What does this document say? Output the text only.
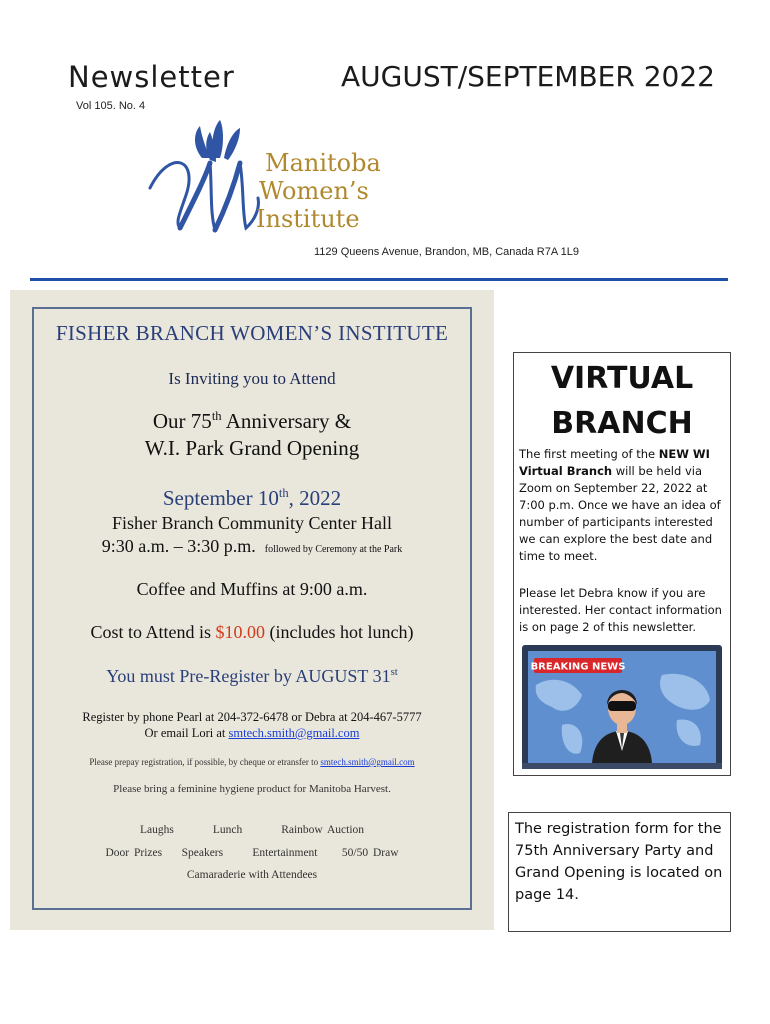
Newsletter	AUGUST/SEPTEMBER 2022
Vol 105. No. 4
Manitoba
Women’s
Institute
1129 Queens Avenue, Brandon, MB, Canada R7A 1L9
FISHER BRANCH WOMEN’S INSTITUTE
Is Inviting you to Attend
Our 75th Anniversary &
W.I. Park Grand Opening
September 10th, 2022
Fisher Branch Community Center Hall
9:30 a.m. – 3:30 p.m. followed by Ceremony at the Park
Coffee and Muffins at 9:00 a.m.
Cost to Attend is $10.00 (includes hot lunch)
You must Pre-Register by AUGUST 31st
Register by phone Pearl at 204-372-6478 or Debra at 204-467-5777
Or email Lori at smtech.smith@gmail.com
Please prepay registration, if possible, by cheque or etransfer to smtech.smith@gmail.com
Please bring a feminine hygiene product for Manitoba Harvest.
Laughs	Lunch	Rainbow Auction
Door Prizes Speakers	Entertainment 50/50 Draw
Camaraderie with Attendees
VIRTUAL
BRANCH
The first meeting of the NEW WI Virtual Branch will be held via Zoom on September 22, 2022 at 7:00 p.m. Once we have an idea of number of participants interested we can explore the best date and time to meet.
Please let Debra know if you are interested. Her contact information is on page 2 of this newsletter.
BREAKING NEWS
The registration form for the 75th Anniversary Party and Grand Opening is located on page 14.
